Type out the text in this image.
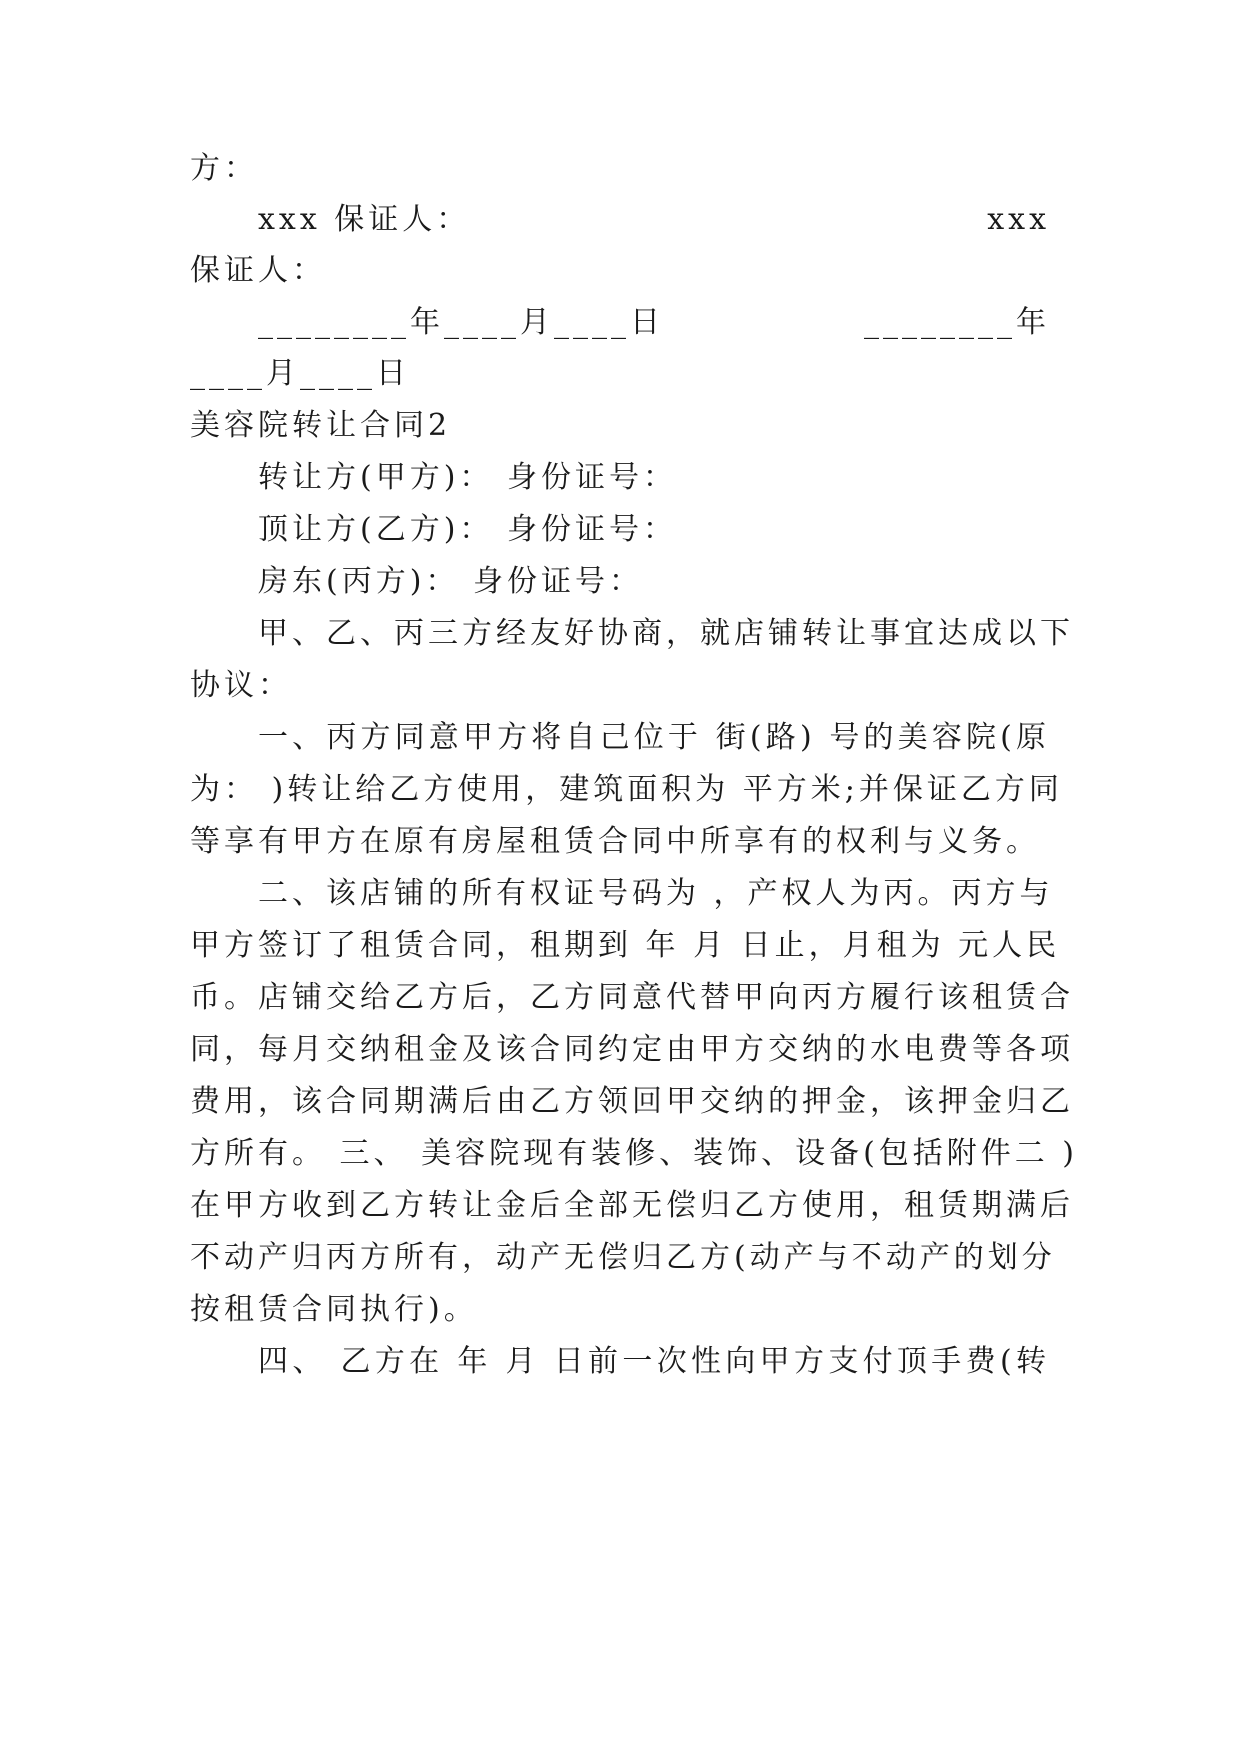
方：
xxx 保证人：	xxx
保证人：
________年____月____日	________年
____月____日
美容院转让合同2
转让方(甲方)： 身份证号：
顶让方(乙方)： 身份证号：
房东(丙方)： 身份证号：
甲、乙、丙三方经友好协商，就店铺转让事宜达成以下
协议：
一、丙方同意甲方将自己位于 街(路) 号的美容院(原
为： )转让给乙方使用，建筑面积为 平方米;并保证乙方同
等享有甲方在原有房屋租赁合同中所享有的权利与义务。
二、该店铺的所有权证号码为 ，产权人为丙。丙方与
甲方签订了租赁合同，租期到 年 月 日止，月租为 元人民
币。店铺交给乙方后，乙方同意代替甲向丙方履行该租赁合
同，每月交纳租金及该合同约定由甲方交纳的水电费等各项
费用，该合同期满后由乙方领回甲交纳的押金，该押金归乙
方所有。 三、 美容院现有装修、装饰、设备(包括附件二 )
在甲方收到乙方转让金后全部无偿归乙方使用，租赁期满后
不动产归丙方所有，动产无偿归乙方(动产与不动产的划分
按租赁合同执行)。
四、 乙方在 年 月 日前一次性向甲方支付顶手费(转
